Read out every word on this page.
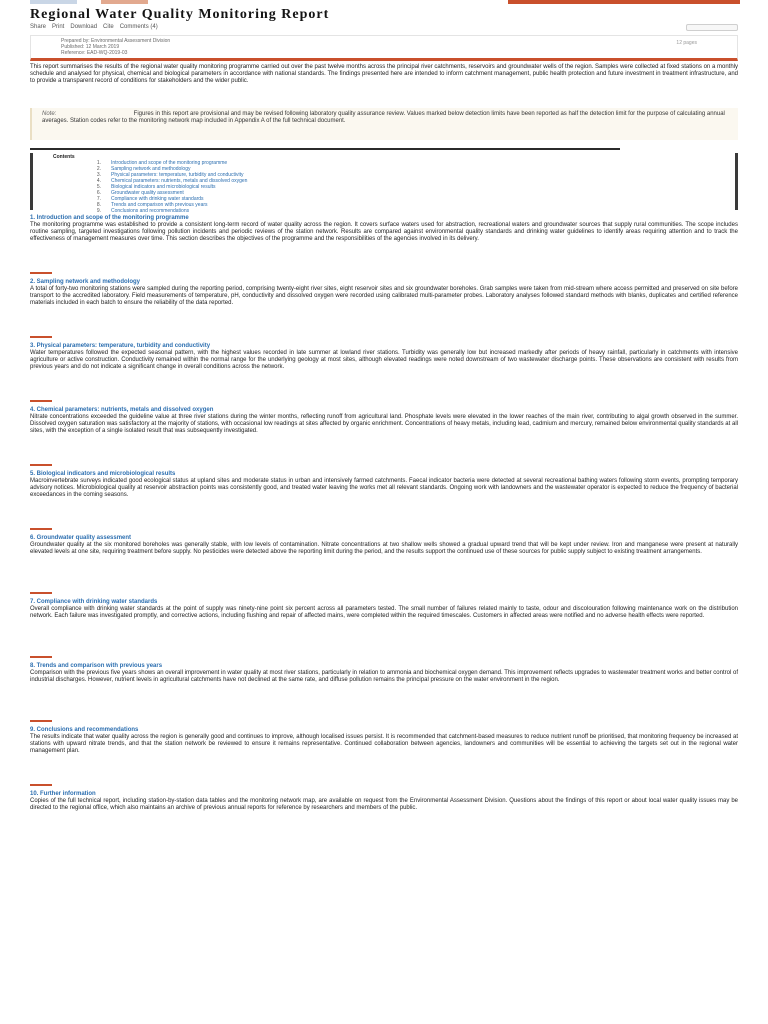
Regional Water Quality Monitoring Report
Share Print Download Cite Comments (4)
Prepared by: Environmental Assessment Division
Published: 12 March 2019
Reference: EAD-WQ-2019-03
12 pages

This report summarises the results of the regional water quality monitoring programme carried out over the past twelve months across the principal river catchments, reservoirs and groundwater wells of the region. Samples were collected at fixed stations on a monthly schedule and analysed for physical, chemical and biological parameters in accordance with national standards. The findings presented here are intended to inform catchment management, public health protection and future investment in treatment infrastructure, and to provide a transparent record of conditions for stakeholders and the wider public.

Note:	Figures in this report are provisional and may be revised following laboratory quality assurance review. Values marked below detection limits have been reported as half the detection limit for the purpose of calculating annual averages. Station codes refer to the monitoring network map included in Appendix A of the full technical document.
Contents
1. Introduction and scope of the monitoring programme
2. Sampling network and methodology
3. Physical parameters: temperature, turbidity and conductivity
4. Chemical parameters: nutrients, metals and dissolved oxygen
5. Biological indicators and microbiological results
6. Groundwater quality assessment
7. Compliance with drinking water standards
8. Trends and comparison with previous years
9. Conclusions and recommendations
1. Introduction and scope of the monitoring programme

The monitoring programme was established to provide a consistent long-term record of water quality across the region. It covers surface waters used for abstraction, recreational waters and groundwater sources that supply rural communities. The scope includes routine sampling, targeted investigations following pollution incidents and periodic reviews of the station network. Results are compared against environmental quality standards and drinking water guidelines to identify areas requiring attention and to track the effectiveness of management measures over time. This section describes the objectives of the programme and the responsibilities of the agencies involved in its delivery.

2. Sampling network and methodology

A total of forty-two monitoring stations were sampled during the reporting period, comprising twenty-eight river sites, eight reservoir sites and six groundwater boreholes. Grab samples were taken from mid-stream where access permitted and preserved on site before transport to the accredited laboratory. Field measurements of temperature, pH, conductivity and dissolved oxygen were recorded using calibrated multi-parameter probes. Laboratory analyses followed standard methods with blanks, duplicates and certified reference materials included in each batch to ensure the reliability of the data reported.

3. Physical parameters: temperature, turbidity and conductivity

Water temperatures followed the expected seasonal pattern, with the highest values recorded in late summer at lowland river stations. Turbidity was generally low but increased markedly after periods of heavy rainfall, particularly in catchments with intensive agriculture or active construction. Conductivity remained within the normal range for the underlying geology at most sites, although elevated readings were noted downstream of two wastewater discharge points. These observations are consistent with results from previous years and do not indicate a significant change in overall conditions across the network.

4. Chemical parameters: nutrients, metals and dissolved oxygen

Nitrate concentrations exceeded the guideline value at three river stations during the winter months, reflecting runoff from agricultural land. Phosphate levels were elevated in the lower reaches of the main river, contributing to algal growth observed in the summer. Dissolved oxygen saturation was satisfactory at the majority of stations, with occasional low readings at sites affected by organic enrichment. Concentrations of heavy metals, including lead, cadmium and mercury, remained below environmental quality standards at all sites, with the exception of a single isolated result that was subsequently investigated.

5. Biological indicators and microbiological results

Macroinvertebrate surveys indicated good ecological status at upland sites and moderate status in urban and intensively farmed catchments. Faecal indicator bacteria were detected at several recreational bathing waters following storm events, prompting temporary advisory notices. Microbiological quality at reservoir abstraction points was consistently good, and treated water leaving the works met all relevant standards. Ongoing work with landowners and the wastewater operator is expected to reduce the frequency of bacterial exceedances in the coming seasons.

6. Groundwater quality assessment

Groundwater quality at the six monitored boreholes was generally stable, with low levels of contamination. Nitrate concentrations at two shallow wells showed a gradual upward trend that will be kept under review. Iron and manganese were present at naturally elevated levels at one site, requiring treatment before supply. No pesticides were detected above the reporting limit during the period, and the results support the continued use of these sources for public supply subject to existing treatment arrangements.

7. Compliance with drinking water standards

Overall compliance with drinking water standards at the point of supply was ninety-nine point six percent across all parameters tested. The small number of failures related mainly to taste, odour and discolouration following maintenance work on the distribution network. Each failure was investigated promptly, and corrective actions, including flushing and repair of affected mains, were completed within the required timescales. Customers in affected areas were notified and no adverse health effects were reported.

8. Trends and comparison with previous years

Comparison with the previous five years shows an overall improvement in water quality at most river stations, particularly in relation to ammonia and biochemical oxygen demand. This improvement reflects upgrades to wastewater treatment works and better control of industrial discharges. However, nutrient levels in agricultural catchments have not declined at the same rate, and diffuse pollution remains the principal pressure on the water environment in the region.

9. Conclusions and recommendations

The results indicate that water quality across the region is generally good and continues to improve, although localised issues persist. It is recommended that catchment-based measures to reduce nutrient runoff be prioritised, that monitoring frequency be increased at stations with upward nitrate trends, and that the station network be reviewed to ensure it remains representative. Continued collaboration between agencies, landowners and communities will be essential to achieving the targets set out in the regional water management plan.

10. Further information

Copies of the full technical report, including station-by-station data tables and the monitoring network map, are available on request from the Environmental Assessment Division. Questions about the findings of this report or about local water quality issues may be directed to the regional office, which also maintains an archive of previous annual reports for reference by researchers and members of the public.
